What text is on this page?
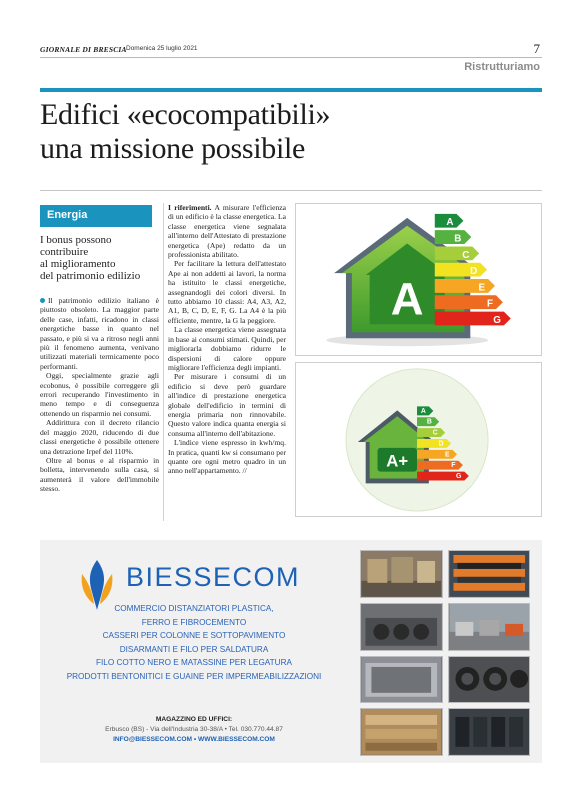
GIORNALE DI BRESCIA Domenica 25 luglio 2021	7
Ristrutturiamo
Edifici «ecocompatibili»
una missione possibile
Energia
I bonus possono
contribuire
al miglioramento
del patrimonio edilizio

Il patrimonio edilizio italiano è piuttosto obsoleto. La maggior parte delle case, infatti, ricadono in classi energetiche basse in quanto nel passato, e più si va a ritroso negli anni più il fenomeno aumenta, venivano utilizzati materiali termicamente poco performanti.

Oggi, specialmente grazie agli ecobonus, è possibile correggere gli errori recuperando l'investimento in meno tempo e di conseguenza ottenendo un risparmio nei consumi.

Addirittura con il decreto rilancio del maggio 2020, riducendo di due classi energetiche è possibile ottenere una detrazione Irpef del 110%.

Oltre al bonus e al risparmio in bolletta, intervenendo sulla casa, si aumenterà il valore dell'immobile stesso.

I riferimenti. A misurare l'efficienza di un edificio è la classe energetica. La classe energetica viene segnalata all'interno dell'Attestato di prestazione energetica (Ape) redatto da un professionista abilitato.

Per facilitare la lettura dell'attestato Ape ai non addetti ai lavori, la norma ha istituito le classi energetiche, assegnandogli dei colori diversi. In tutto abbiamo 10 classi: A4, A3, A2, A1, B, C, D, E, F, G. La A4 è la più efficiente, mentre, la G la peggiore.

La classe energetica viene assegnata in base ai consumi stimati. Quindi, per migliorarla dobbiamo ridurre le dispersioni di calore oppure migliorare l'efficienza degli impianti.

Per misurare i consumi di un edificio si deve però guardare all'indice di prestazione energetica globale dell'edificio in termini di energia primaria non rinnovabile. Questo valore indica quanta energia si consuma all'interno dell'abitazione.

L'indice viene espresso in kwh/mq. In pratica, quanti kw si consumano per quante ore ogni metro quadro in un anno nell'appartamento. //

A
A
B
C
D
E
F
G
A+
A
B
C
D
E
F
G
BIESSECOM
COMMERCIO DISTANZIATORI PLASTICA,
FERRO E FIBROCEMENTO
CASSERI PER COLONNE E SOTTOPAVIMENTO
DISARMANTI E FILO PER SALDATURA
FILO COTTO NERO E MATASSINE PER LEGATURA
PRODOTTI BENTONITICI E GUAINE PER IMPERMEABILIZZAZIONI
MAGAZZINO ED UFFICI:
Erbusco (BS) - Via dell'Industria 30-38/A • Tel. 030.770.44.87
INFO@BIESSECOM.COM • WWW.BIESSECOM.COM
